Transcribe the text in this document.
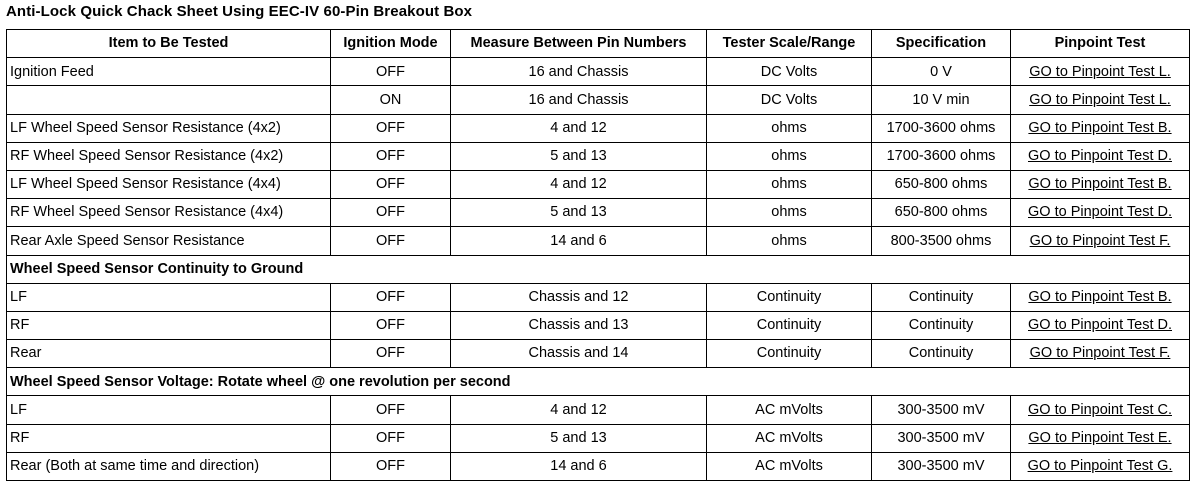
Anti-Lock Quick Chack Sheet Using EEC-IV 60-Pin Breakout Box
Item to Be Tested	Ignition Mode	Measure Between Pin Numbers	Tester Scale/Range	Specification	Pinpoint Test
Ignition Feed	OFF	16 and Chassis	DC Volts	0 V	GO to Pinpoint Test L.
	ON	16 and Chassis	DC Volts	10 V min	GO to Pinpoint Test L.
LF Wheel Speed Sensor Resistance (4x2)	OFF	4 and 12	ohms	1700-3600 ohms	GO to Pinpoint Test B.
RF Wheel Speed Sensor Resistance (4x2)	OFF	5 and 13	ohms	1700-3600 ohms	GO to Pinpoint Test D.
LF Wheel Speed Sensor Resistance (4x4)	OFF	4 and 12	ohms	650-800 ohms	GO to Pinpoint Test B.
RF Wheel Speed Sensor Resistance (4x4)	OFF	5 and 13	ohms	650-800 ohms	GO to Pinpoint Test D.
Rear Axle Speed Sensor Resistance	OFF	14 and 6	ohms	800-3500 ohms	GO to Pinpoint Test F.
Wheel Speed Sensor Continuity to Ground					
LF	OFF	Chassis and 12	Continuity	Continuity	GO to Pinpoint Test B.
RF	OFF	Chassis and 13	Continuity	Continuity	GO to Pinpoint Test D.
Rear	OFF	Chassis and 14	Continuity	Continuity	GO to Pinpoint Test F.
Wheel Speed Sensor Voltage: Rotate wheel @ one revolution per second					
LF	OFF	4 and 12	AC mVolts	300-3500 mV	GO to Pinpoint Test C.
RF	OFF	5 and 13	AC mVolts	300-3500 mV	GO to Pinpoint Test E.
Rear (Both at same time and direction)	OFF	14 and 6	AC mVolts	300-3500 mV	GO to Pinpoint Test G.
